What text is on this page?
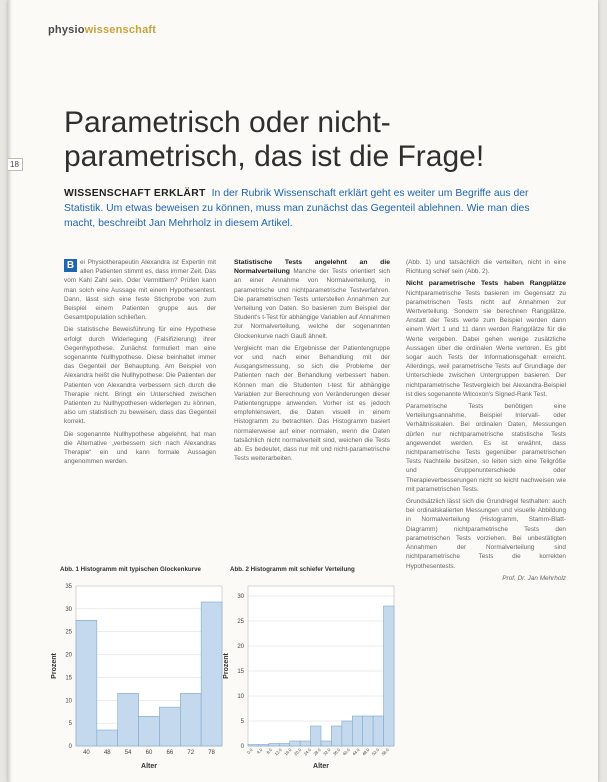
physiowissenschaft
18
Parametrisch oder nicht-parametrisch, das ist die Frage!
WISSENSCHAFT ERKLÄRT In der Rubrik Wissenschaft erklärt geht es weiter um Begriffe aus der Statistik. Um etwas beweisen zu können, muss man zunächst das Gegenteil ablehnen. Wie man dies macht, beschreibt Jan Mehrholz in diesem Artikel.

B ei Physiotherapeutin Alexandra ist Expertin mit allen Patienten stimmt es, dass immer Zeit. Das vom Kahl Zahl sein. Oder Vermittlern? Prüfen kann man solch eine Aussage mit einem Hypothesentest. Dann, lässt sich eine feste Stichprobe von zum Beispiel einem Patienten gruppe aus der Gesamtpopulation schließen.

Die statistische Beweisführung für eine Hypothese erfolgt durch Widerlegung (Falsifizierung) ihrer Gegenhypothese. Zunächst formuliert man eine sogenannte Nullhypothese. Diese beinhaltet immer das Gegenteil der Behauptung. Am Beispiel von Alexandra heißt die Nullhypothese: Die Patienten der Patienten von Alexandra verbessern sich durch die Therapie nicht. Bringt ein Unterschied zwischen Patienten zu Nullhypothesen widerlegen zu können, also um statistisch zu beweisen, dass das Gegenteil korrekt.

Die sogenannte Nullhypothese abgelehnt, hat man die Alternative „verbessern sich nach Alexandras Therapie“ ein und kann formale Aussagen angenommen werden.

Statistische Tests angelehnt an die Normalverteilung Manche der Tests orientiert sich an einer Annahme von Normalverteilung, in parametrische und nichtparametrische Testverfahren. Die parametrischen Tests unterstellen Annahmen zur Verteilung von Daten. So basieren zum Beispiel der Student's t-Test für abhängige Variablen auf Annahmen zur Normalverteilung, welche der sogenannten Glockenkurve nach Gauß ähnelt.

Vergleicht man die Ergebnisse der Patientengruppe vor und nach einer Behandlung mit der Ausgangsmessung, so sich die Probleme der Patienten nach der Behandlung verbessert haben. Können man die Studenten t-test für abhängige Variablen zur Berechnung von Veränderungen dieser Patientengruppe anwenden. Vorher ist es jedoch empfehlenswert, die Daten visuell in einem Histogramm zu betrachten. Das Histogramm basiert normalerweise auf einer normalen, wenn die Daten tatsächlich nicht normalverteilt sind, weichen die Tests ab. Es bedeutet, dass nur mit und nicht-parametrische Tests weiterarbeiten.

(Abb. 1) und tatsächlich die verteilten, nicht in eine Richtung schief sein (Abb. 2).

Nicht parametrische Tests haben Rangplätze Nichtparametrische Tests basieren im Gegensatz zu parametrischen Tests nicht auf Annahmen zur Wertverteilung. Sondern sie berechnen Rangplätze. Anstatt der Tests werte zum Beispiel werden dann einem Wert 1 und 11 dann werden Rangplätze für die Werte vergeben. Dabei gehen wenige zusätzliche Aussagen über die ordinalen Werte verloren. Es gibt sogar auch Tests der Informationsgehalt erreicht. Allerdings, weil parametrische Tests auf Grundlage der Unterschiede zwischen Untergruppen basieren. Der nichtparametrische Testvergleich bei Alexandra-Beispiel ist dies sogenannte Wilcoxon's Signed-Rank Test.

Parametrische Tests benötigen eine Verteilungsannahme, Beispiel Intervall- oder Verhältnisskalen. Bei ordinalen Daten, Messungen dürfen nur nichtparametrische statistische Tests angewendet werden. Es ist erwähnt, dass nichtparametrische Tests gegenüber parametrischen Tests Nachteile besitzen, so leiten sich eine Teilgröße und Gruppenunterschiede oder Therapieverbesserungen nicht so leicht nachweisen wie mit parametrischen Tests.

Grundsätzlich lässt sich die Grundregel festhalten: auch bei ordinalskalierten Messungen und visuelle Abbildung in Normalverteilung (Histogramm, Stamm-Blatt-Diagramm) nichtparametrische Tests den parametrischen Tests vorziehen. Bei unbestätigten Annahmen der Normalverteilung sind nichtparametrische Tests die korrekten Hypothesentests.

Prof. Dr. Jan Mehrholz

Abb. 1 Histogramm mit typischen Glockenkurve	Abb. 2 Histogramm mit schiefer Verteilung
0
5
10
15
20
25
30
35
40 48 54 60 66 72 78
Alter
Prozent
0
5
10
15
20
25
30
0.0 4.0 8.0 12.0 16.0 20.0 24.0 28.0 32.0 36.0 40.0 44.0 48.0 52.0 56.0
Alter
Prozent
